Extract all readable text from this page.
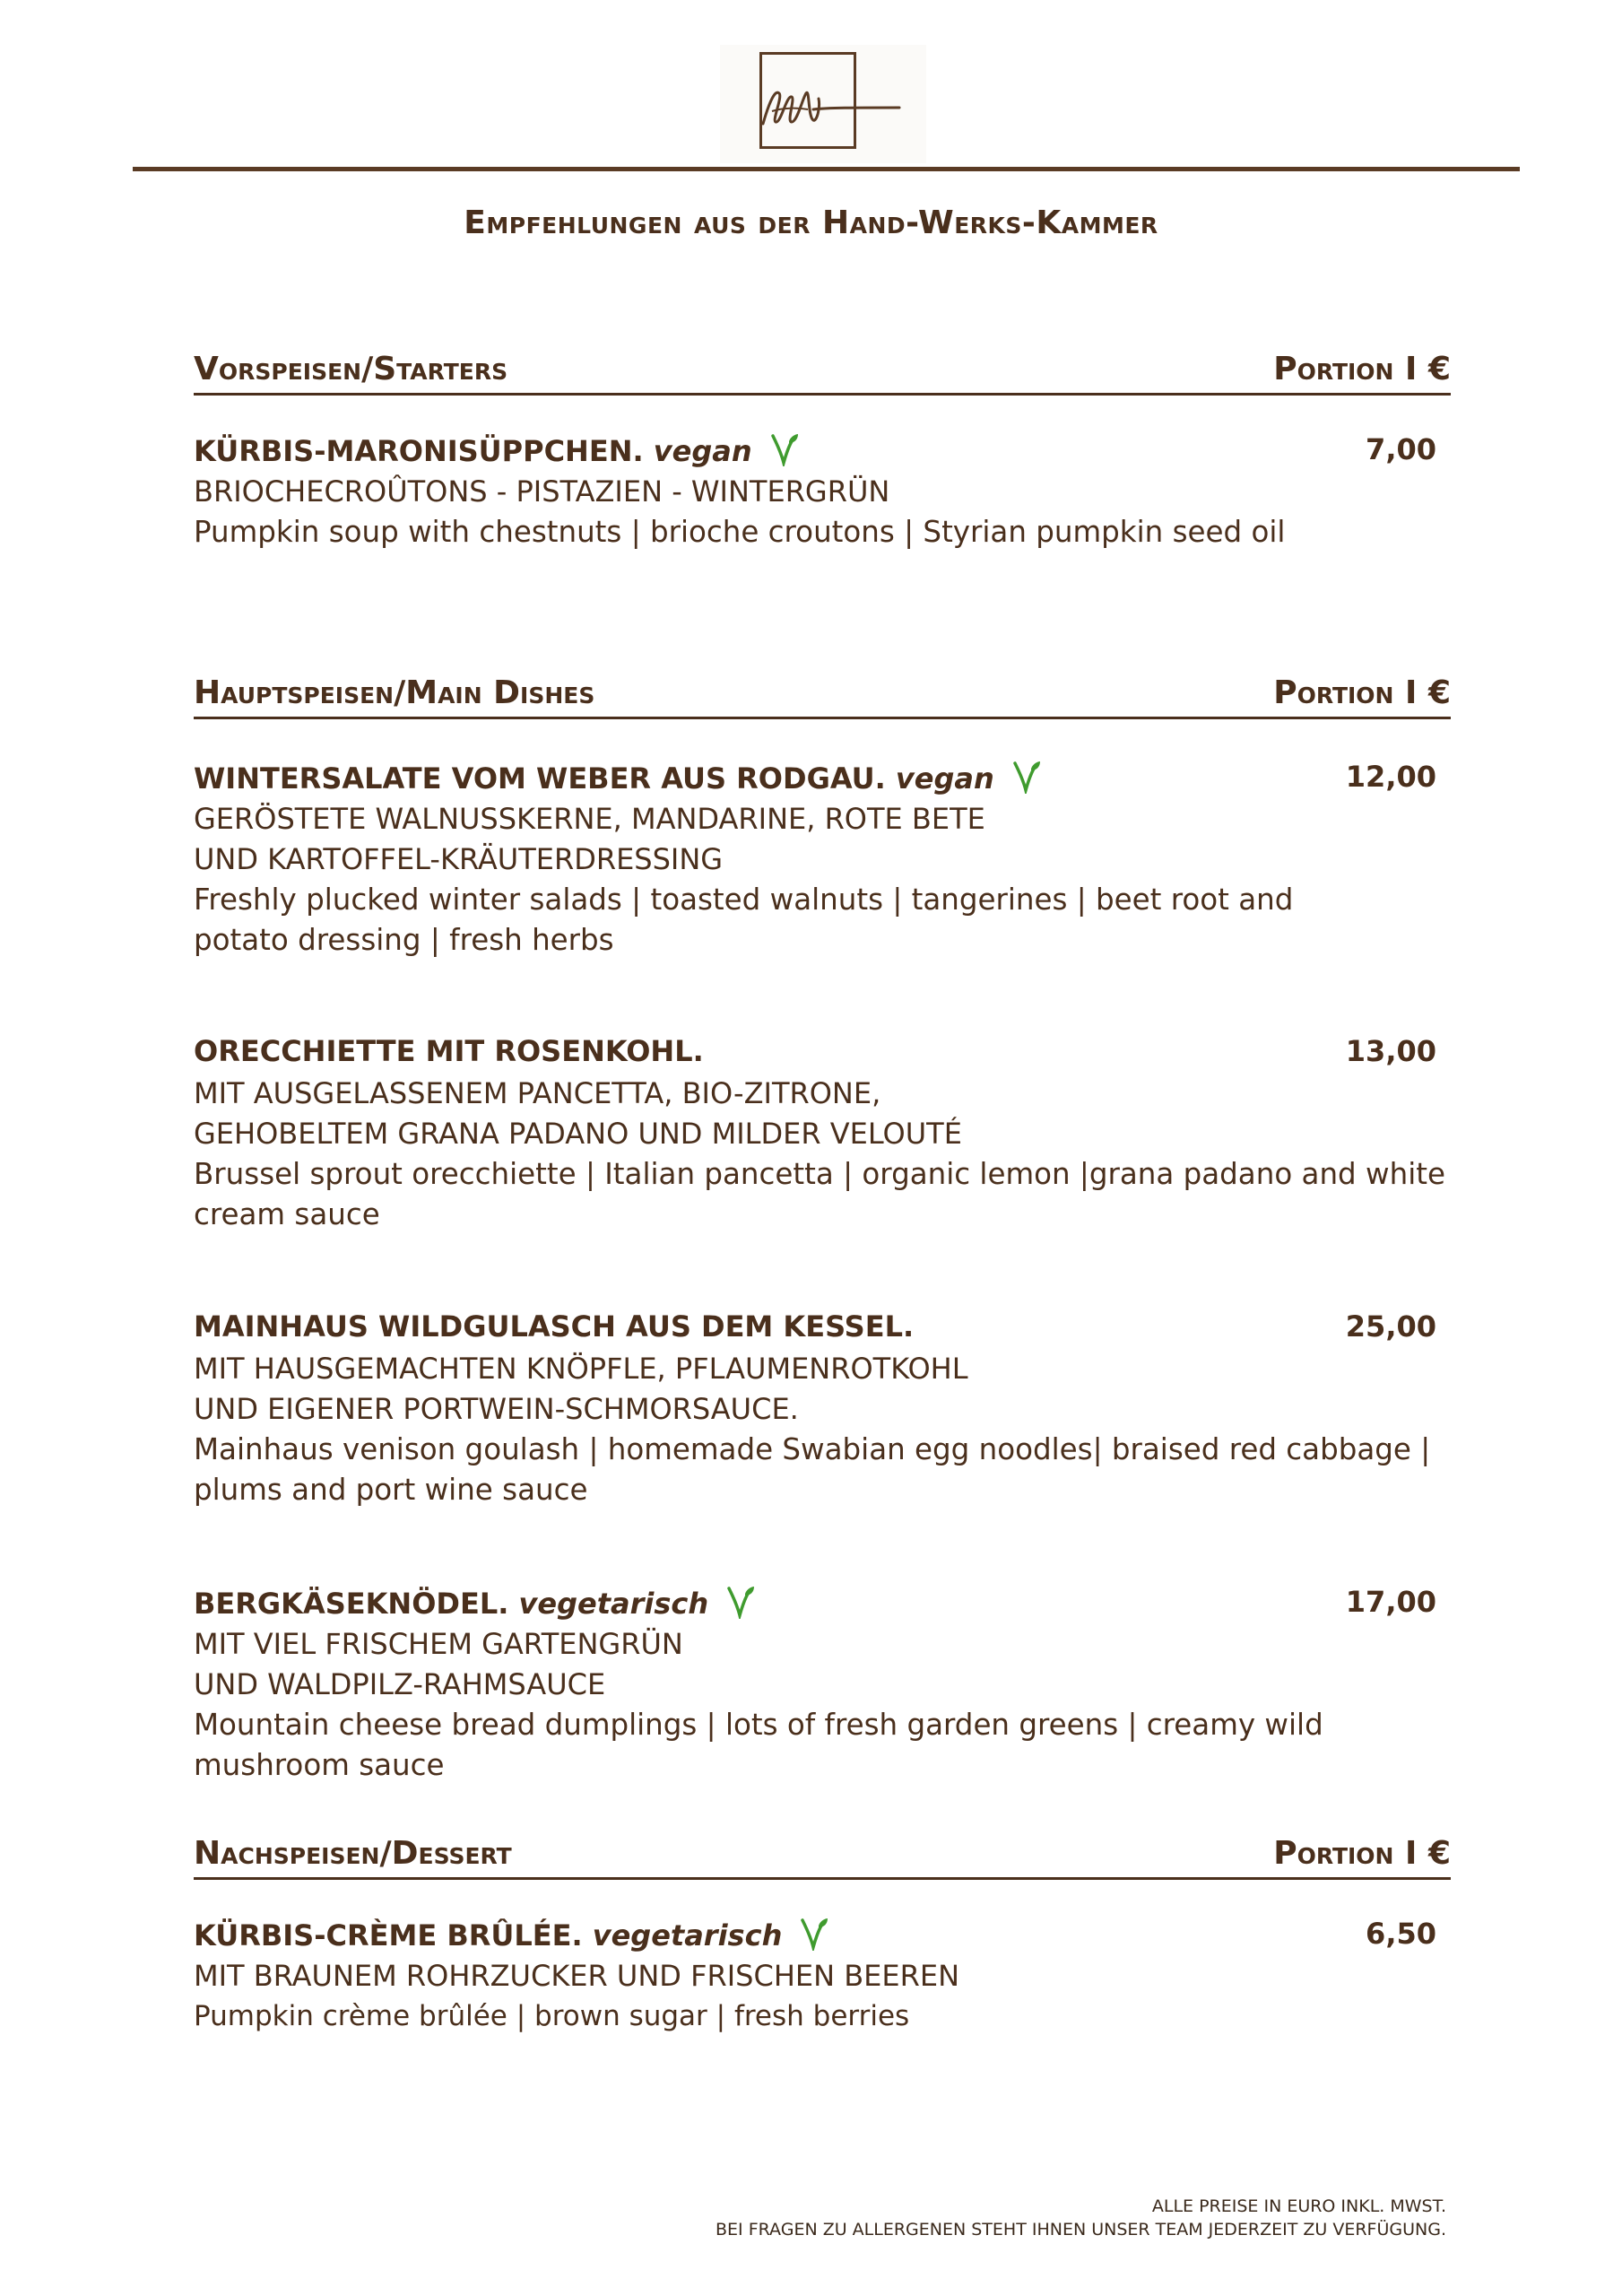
Empfehlungen aus der Hand-Werks-Kammer
Vorspeisen/Starters	Portion I €
KÜRBIS-MARONISÜPPCHEN. vegan	7,00
BRIOCHECROÛTONS - PISTAZIEN - WINTERGRÜN
Pumpkin soup with chestnuts | brioche croutons | Styrian pumpkin seed oil
Hauptspeisen/Main Dishes	Portion I €
WINTERSALATE VOM WEBER AUS RODGAU. vegan	12,00
GERÖSTETE WALNUSSKERNE, MANDARINE, ROTE BETE
UND KARTOFFEL-KRÄUTERDRESSING
Freshly plucked winter salads | toasted walnuts | tangerines | beet root and potato dressing | fresh herbs
ORECCHIETTE MIT ROSENKOHL.	13,00
MIT AUSGELASSENEM PANCETTA, BIO-ZITRONE,
GEHOBELTEM GRANA PADANO UND MILDER VELOUTÉ
Brussel sprout orecchiette | Italian pancetta | organic lemon |grana padano and white cream sauce
MAINHAUS WILDGULASCH AUS DEM KESSEL.	25,00
MIT HAUSGEMACHTEN KNÖPFLE, PFLAUMENROTKOHL
UND EIGENER PORTWEIN-SCHMORSAUCE.
Mainhaus venison goulash | homemade Swabian egg noodles| braised red cabbage | plums and port wine sauce
BERGKÄSEKNÖDEL. vegetarisch	17,00
MIT VIEL FRISCHEM GARTENGRÜN
UND WALDPILZ-RAHMSAUCE
Mountain cheese bread dumplings | lots of fresh garden greens | creamy wild mushroom sauce
Nachspeisen/Dessert	Portion I €
KÜRBIS-CRÈME BRÛLÉE. vegetarisch	6,50
MIT BRAUNEM ROHRZUCKER UND FRISCHEN BEEREN
Pumpkin crème brûlée | brown sugar | fresh berries
ALLE PREISE IN EURO INKL. MWST.
BEI FRAGEN ZU ALLERGENEN STEHT IHNEN UNSER TEAM JEDERZEIT ZU VERFÜGUNG.
